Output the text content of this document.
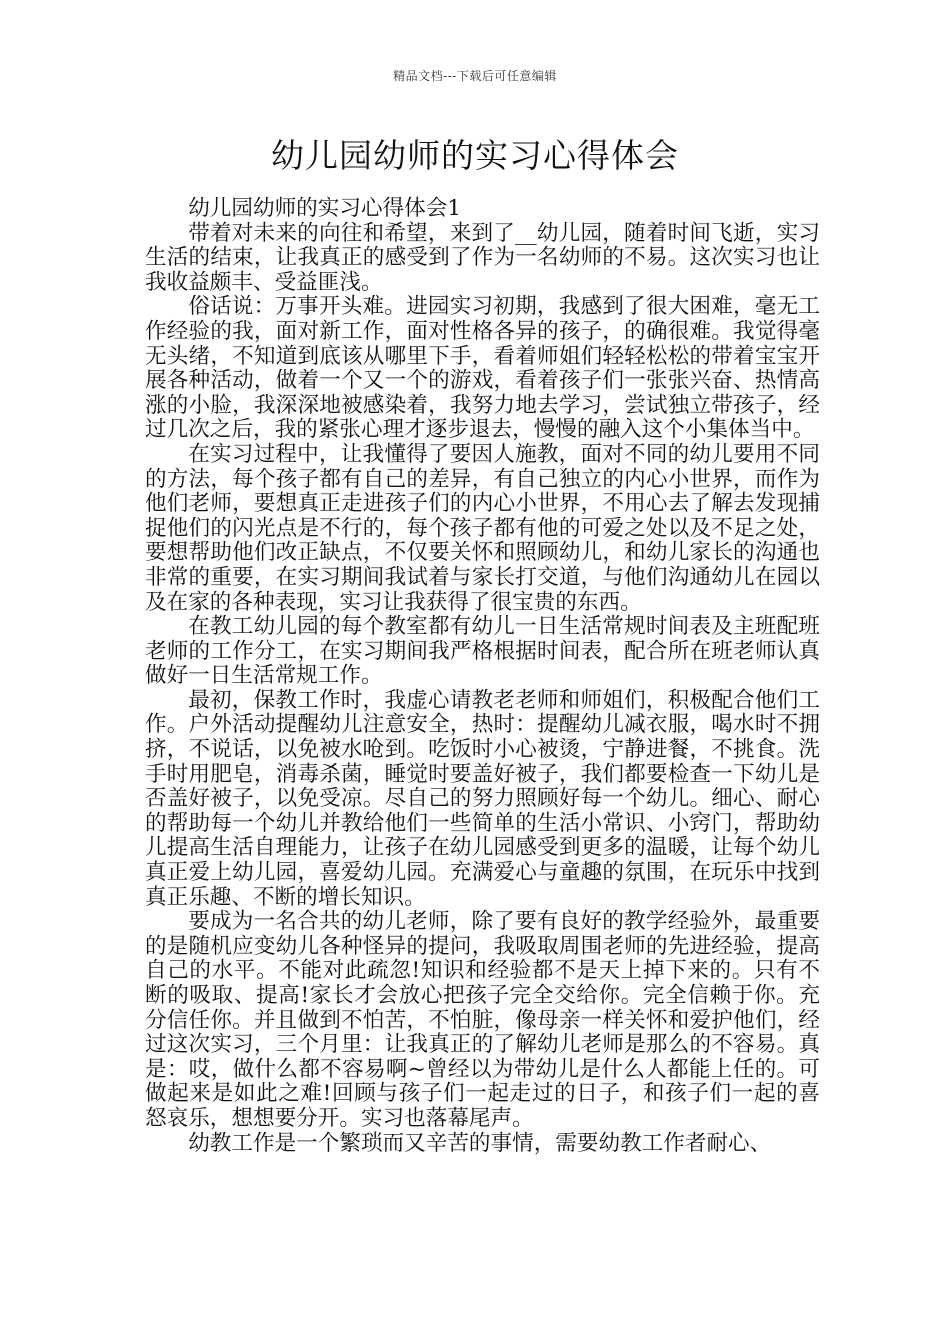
精品文档---下载后可任意编辑
幼儿园幼师的实习心得体会

幼儿园幼师的实习心得体会1

带着对未来的向往和希望，来到了__幼儿园，随着时间飞逝，实习生活的结束，让我真正的感受到了作为一名幼师的不易。这次实习也让我收益颇丰、受益匪浅。

俗话说：万事开头难。进园实习初期，我感到了很大困难，毫无工作经验的我，面对新工作，面对性格各异的孩子，的确很难。我觉得毫无头绪，不知道到底该从哪里下手，看着师姐们轻轻松松的带着宝宝开展各种活动，做着一个又一个的游戏，看着孩子们一张张兴奋、热情高涨的小脸，我深深地被感染着，我努力地去学习，尝试独立带孩子，经过几次之后，我的紧张心理才逐步退去，慢慢的融入这个小集体当中。

在实习过程中，让我懂得了要因人施教，面对不同的幼儿要用不同的方法，每个孩子都有自己的差异，有自己独立的内心小世界，而作为他们老师，要想真正走进孩子们的内心小世界，不用心去了解去发现捕捉他们的闪光点是不行的，每个孩子都有他的可爱之处以及不足之处，要想帮助他们改正缺点，不仅要关怀和照顾幼儿，和幼儿家长的沟通也非常的重要，在实习期间我试着与家长打交道，与他们沟通幼儿在园以及在家的各种表现，实习让我获得了很宝贵的东西。

在教工幼儿园的每个教室都有幼儿一日生活常规时间表及主班配班老师的工作分工，在实习期间我严格根据时间表，配合所在班老师认真做好一日生活常规工作。

最初，保教工作时，我虚心请教老老师和师姐们，积极配合他们工作。户外活动提醒幼儿注意安全，热时：提醒幼儿减衣服，喝水时不拥挤，不说话，以免被水呛到。吃饭时小心被烫，宁静进餐，不挑食。洗手时用肥皂，消毒杀菌，睡觉时要盖好被子，我们都要检查一下幼儿是否盖好被子，以免受凉。尽自己的努力照顾好每一个幼儿。细心、耐心的帮助每一个幼儿并教给他们一些简单的生活小常识、小窍门，帮助幼儿提高生活自理能力，让孩子在幼儿园感受到更多的温暖，让每个幼儿真正爱上幼儿园，喜爱幼儿园。充满爱心与童趣的氛围，在玩乐中找到真正乐趣、不断的增长知识。

要成为一名合共的幼儿老师，除了要有良好的教学经验外，最重要的是随机应变幼儿各种怪异的提问，我吸取周围老师的先进经验，提高自己的水平。不能对此疏忽!知识和经验都不是天上掉下来的。只有不断的吸取、提高!家长才会放心把孩子完全交给你。完全信赖于你。充分信任你。并且做到不怕苦，不怕脏，像母亲一样关怀和爱护他们，经过这次实习，三个月里：让我真正的了解幼儿老师是那么的不容易。真是：哎，做什么都不容易啊~曾经以为带幼儿是什么人都能上任的。可做起来是如此之难!回顾与孩子们一起走过的日子，和孩子们一起的喜怒哀乐，想想要分开。实习也落幕尾声。

幼教工作是一个繁琐而又辛苦的事情，需要幼教工作者耐心、
